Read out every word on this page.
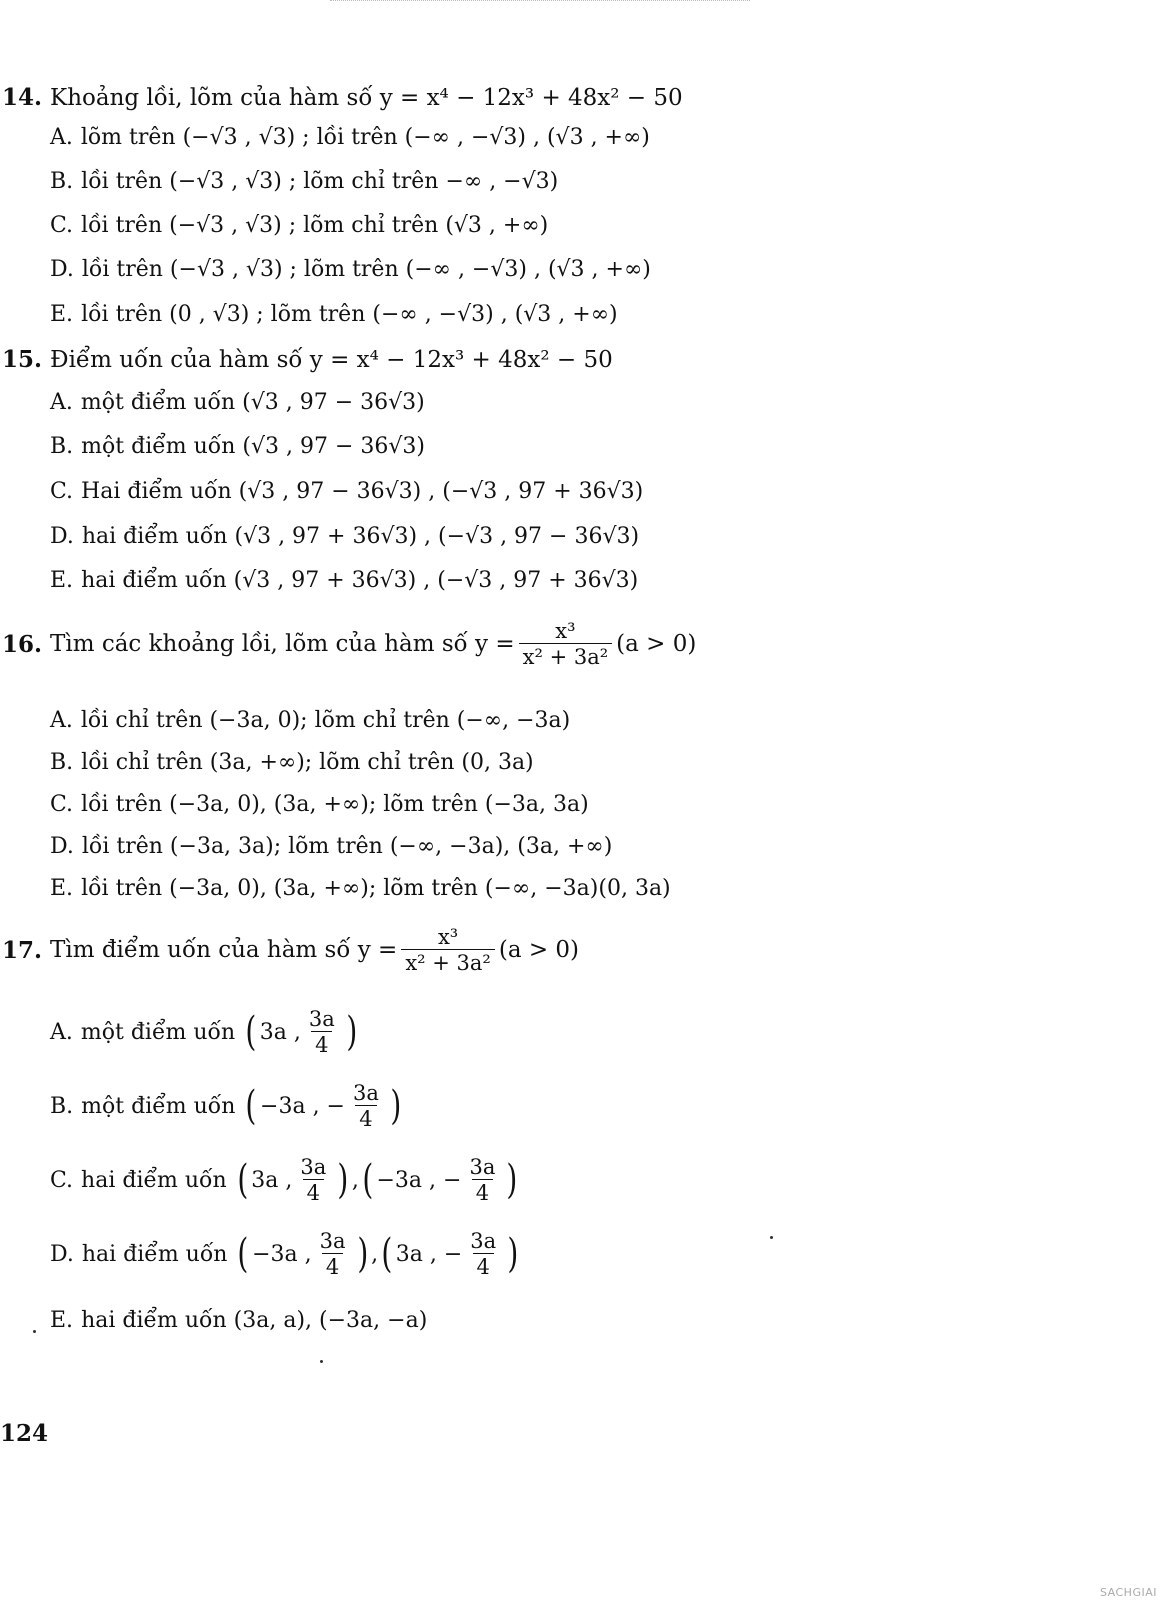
14. Khoảng lồi, lõm của hàm số y = x⁴ − 12x³ + 48x² − 50
A. lõm trên (−√3 , √3) ; lồi trên (−∞ , −√3) , (√3 , +∞)
B. lồi trên (−√3 , √3) ; lõm chỉ trên −∞ , −√3)
C. lồi trên (−√3 , √3) ; lõm chỉ trên (√3 , +∞)
D. lồi trên (−√3 , √3) ; lõm trên (−∞ , −√3) , (√3 , +∞)
E. lồi trên (0 , √3) ; lõm trên (−∞ , −√3) , (√3 , +∞)
15. Điểm uốn của hàm số y = x⁴ − 12x³ + 48x² − 50
A. một điểm uốn (√3 , 97 − 36√3)
B. một điểm uốn (√3 , 97 − 36√3)
C. Hai điểm uốn (√3 , 97 − 36√3) , (−√3 , 97 + 36√3)
D. hai điểm uốn (√3 , 97 + 36√3) , (−√3 , 97 − 36√3)
E. hai điểm uốn (√3 , 97 + 36√3) , (−√3 , 97 + 36√3)
16. Tìm các khoảng lồi, lõm của hàm số $y = \frac{\text{x³}}{\text{x² + 3a²}} (a > 0)$
A. lồi chỉ trên (−3a, 0); lõm chỉ trên (−∞, −3a)
B. lồi chỉ trên (3a, +∞); lõm chỉ trên (0, 3a)
C. lồi trên (−3a, 0), (3a, +∞); lõm trên (−3a, 3a)
D. lồi trên (−3a, 3a); lõm trên (−∞, −3a), (3a, +∞)
E. lồi trên (−3a, 0), (3a, +∞); lõm trên (−∞, −3a)(0, 3a)
17. Tìm điểm uốn của hàm số $y = \frac{\text{x³}}{\text{x² + 3a²}} (a > 0)$
A. một điểm uốn
( 3a , $\frac{3a}{4}$ )
B. một điểm uốn
( −3a , − $\frac{3a}{4}$ )
C. hai điểm uốn
( 3a , $\frac{3a}{4}$ ) , ( −3a , − $\frac{3a}{4}$ )
D. hai điểm uốn
( −3a , $\frac{3a}{4}$ ) , ( 3a , − $\frac{3a}{4}$ )
E. hai điểm uốn (3a, a), (−3a, −a)
124
SACHGIAI
